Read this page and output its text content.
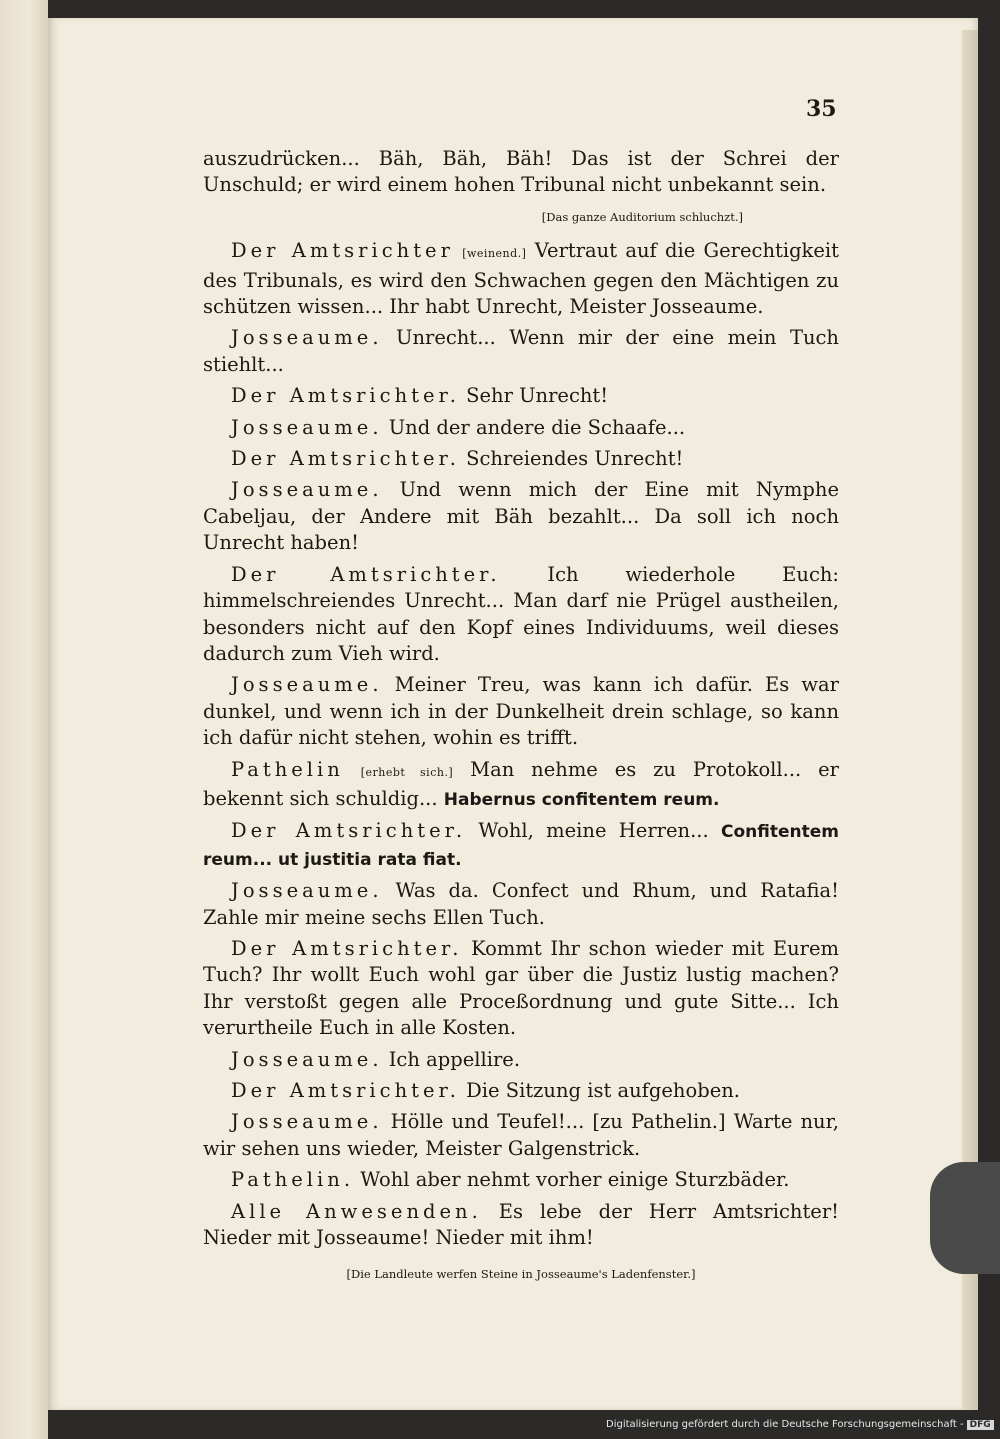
35

auszudrücken... Bäh, Bäh, Bäh! Das ist der Schrei der Unschuld; er wird einem hohen Tribunal nicht unbekannt sein.

[Das ganze Auditorium schluchzt.]

Der Amtsrichter [weinend.] Vertraut auf die Gerechtigkeit des Tribunals, es wird den Schwachen gegen den Mächtigen zu schützen wissen... Ihr habt Unrecht, Meister Josseaume.

Josseaume. Unrecht... Wenn mir der eine mein Tuch stiehlt...

Der Amtsrichter. Sehr Unrecht!

Josseaume. Und der andere die Schaafe...

Der Amtsrichter. Schreiendes Unrecht!

Josseaume. Und wenn mich der Eine mit Nymphe Cabeljau, der Andere mit Bäh bezahlt... Da soll ich noch Unrecht haben!

Der Amtsrichter. Ich wiederhole Euch: himmelschreiendes Unrecht... Man darf nie Prügel austheilen, besonders nicht auf den Kopf eines Individuums, weil dieses dadurch zum Vieh wird.

Josseaume. Meiner Treu, was kann ich dafür. Es war dunkel, und wenn ich in der Dunkelheit drein schlage, so kann ich dafür nicht stehen, wohin es trifft.

Pathelin [erhebt sich.] Man nehme es zu Protokoll... er bekennt sich schuldig... Habernus confitentem reum.

Der Amtsrichter. Wohl, meine Herren... Confitentem reum... ut justitia rata fiat.

Josseaume. Was da. Confect und Rhum, und Ratafia! Zahle mir meine sechs Ellen Tuch.

Der Amtsrichter. Kommt Ihr schon wieder mit Eurem Tuch? Ihr wollt Euch wohl gar über die Justiz lustig machen? Ihr verstoßt gegen alle Proceßordnung und gute Sitte... Ich verurtheile Euch in alle Kosten.

Josseaume. Ich appellire.

Der Amtsrichter. Die Sitzung ist aufgehoben.

Josseaume. Hölle und Teufel!... [zu Pathelin.] Warte nur, wir sehen uns wieder, Meister Galgenstrick.

Pathelin. Wohl aber nehmt vorher einige Sturzbäder.

Alle Anwesenden. Es lebe der Herr Amtsrichter! Nieder mit Josseaume! Nieder mit ihm!

[Die Landleute werfen Steine in Josseaume's Ladenfenster.]

Digitalisierung gefördert durch die Deutsche Forschungsgemeinschaft - DFG
